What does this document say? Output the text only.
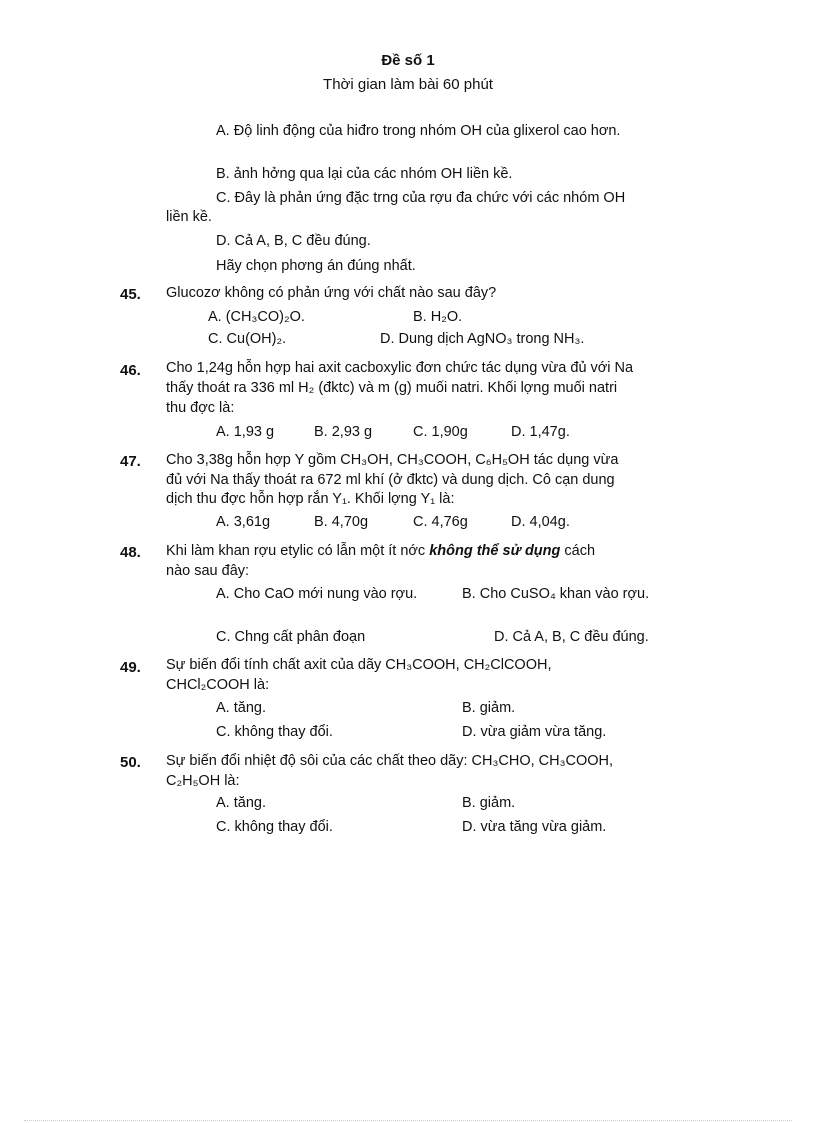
Đề số 1
Thời gian làm bài 60 phút
A. Độ linh động của hiđro trong nhóm OH của glixerol cao hơn.
B. ảnh hởng qua lại của các nhóm OH liền kề.
C. Đây là phản ứng đặc trng của rợu đa chức với các nhóm OH
liền kề.
D. Cả A, B, C đều đúng.
Hãy chọn phơng án đúng nhất.
45. Glucozơ không có phản ứng với chất nào sau đây?
A. (CH₃CO)₂O.	B. H₂O.
C. Cu(OH)₂.	D. Dung dịch AgNO₃ trong NH₃.
46. Cho 1,24g hỗn hợp hai axit cacboxylic đơn chức tác dụng vừa đủ với Na
thấy thoát ra 336 ml H₂ (đktc) và m (g) muối natri. Khối lợng muối natri
thu đợc là:
A. 1,93 g	B. 2,93 g	C. 1,90g	D. 1,47g.
47. Cho 3,38g hỗn hợp Y gồm CH₃OH, CH₃COOH, C₆H₅OH tác dụng vừa
đủ với Na thấy thoát ra 672 ml khí (ở đktc) và dung dịch. Cô cạn dung
dịch thu đợc hỗn hợp rắn Y₁. Khối lợng Y₁ là:
A. 3,61g	B. 4,70g	C. 4,76g	D. 4,04g.
48. Khi làm khan rợu etylic có lẫn một ít nớc không thể sử dụng cách
nào sau đây:
A. Cho CaO mới nung vào rợu.	B. Cho CuSO₄ khan vào rợu.
C. Chng cất phân đoạn	D. Cả A, B, C đều đúng.
49. Sự biến đổi tính chất axit của dãy CH₃COOH, CH₂ClCOOH,
CHCl₂COOH là:
A. tăng.	B. giảm.
C. không thay đổi.	D. vừa giảm vừa tăng.
50. Sự biến đổi nhiệt độ sôi của các chất theo dãy: CH₃CHO, CH₃COOH,
C₂H₅OH là:
A. tăng.	B. giảm.
C. không thay đổi.	D. vừa tăng vừa giảm.
